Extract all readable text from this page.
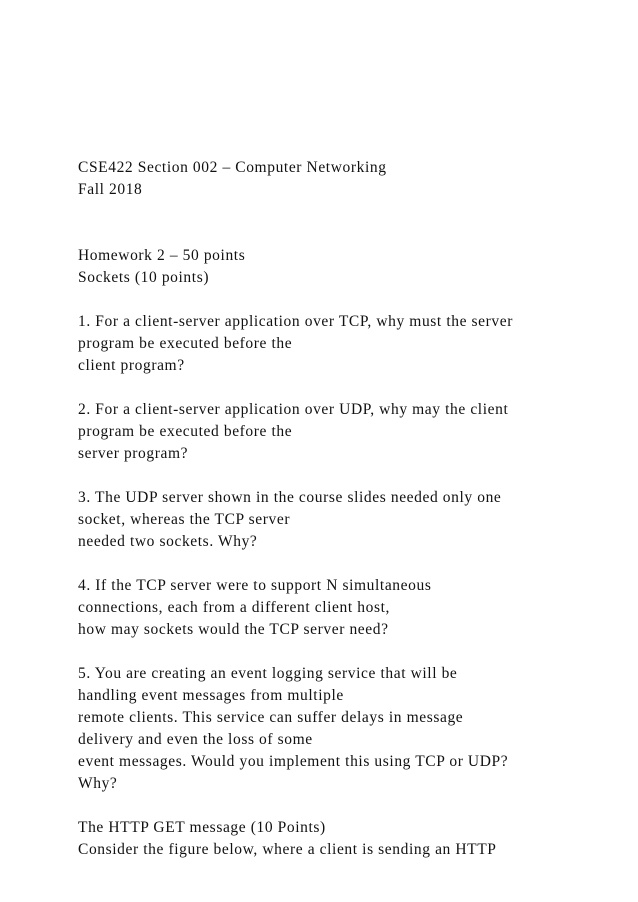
CSE422 Section 002 – Computer Networking
Fall 2018
Homework 2 – 50 points
Sockets (10 points)
1. For a client-server application over TCP, why must the server
program be executed before the
client program?
2. For a client-server application over UDP, why may the client
program be executed before the
server program?
3. The UDP server shown in the course slides needed only one
socket, whereas the TCP server
needed two sockets. Why?
4. If the TCP server were to support N simultaneous
connections, each from a different client host,
how may sockets would the TCP server need?
5. You are creating an event logging service that will be
handling event messages from multiple
remote clients. This service can suffer delays in message
delivery and even the loss of some
event messages. Would you implement this using TCP or UDP?
Why?
The HTTP GET message (10 Points)
Consider the figure below, where a client is sending an HTTP
